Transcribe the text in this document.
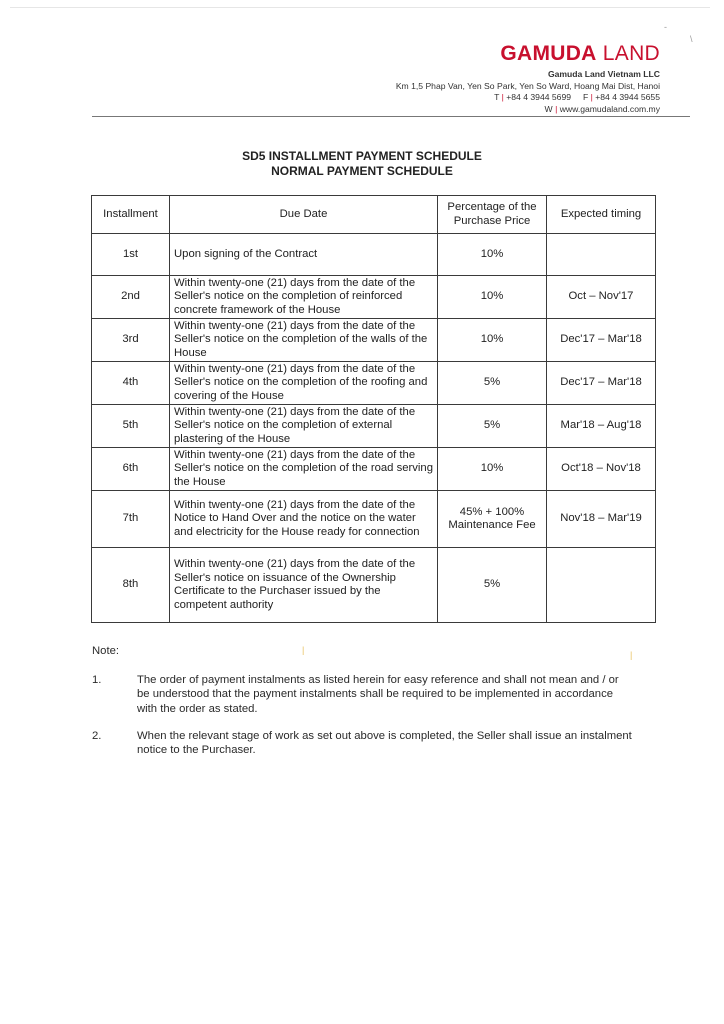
-
\
GAMUDA LAND
Gamuda Land Vietnam LLC
Km 1,5 Phap Van, Yen So Park, Yen So Ward, Hoang Mai Dist, Hanoi
T | +84 4 3944 5699 F | +84 4 3944 5655
W | www.gamudaland.com.my
SD5 INSTALLMENT PAYMENT SCHEDULE
NORMAL PAYMENT SCHEDULE
Installment	Due Date	Percentage of the Purchase Price	Expected timing
1st	Upon signing of the Contract	10%	
2nd	Within twenty-one (21) days from the date of the Seller's notice on the completion of reinforced concrete framework of the House	10%	Oct – Nov'17
3rd	Within twenty-one (21) days from the date of the Seller's notice on the completion of the walls of the House	10%	Dec'17 – Mar'18
4th	Within twenty-one (21) days from the date of the Seller's notice on the completion of the roofing and covering of the House	5%	Dec'17 – Mar'18
5th	Within twenty-one (21) days from the date of the Seller's notice on the completion of external plastering of the House	5%	Mar'18 – Aug'18
6th	Within twenty-one (21) days from the date of the Seller's notice on the completion of the road serving the House	10%	Oct'18 – Nov'18
7th	Within twenty-one (21) days from the date of the Notice to Hand Over and the notice on the water and electricity for the House ready for connection	45% + 100% Maintenance Fee	Nov'18 – Mar'19
8th	Within twenty-one (21) days from the date of the Seller's notice on issuance of the Ownership Certificate to the Purchaser issued by the competent authority	5%	
Note:	|	|
1.	The order of payment instalments as listed herein for easy reference and shall not mean and / or be understood that the payment instalments shall be required to be implemented in accordance with the order as stated.
2.	When the relevant stage of work as set out above is completed, the Seller shall issue an instalment notice to the Purchaser.
